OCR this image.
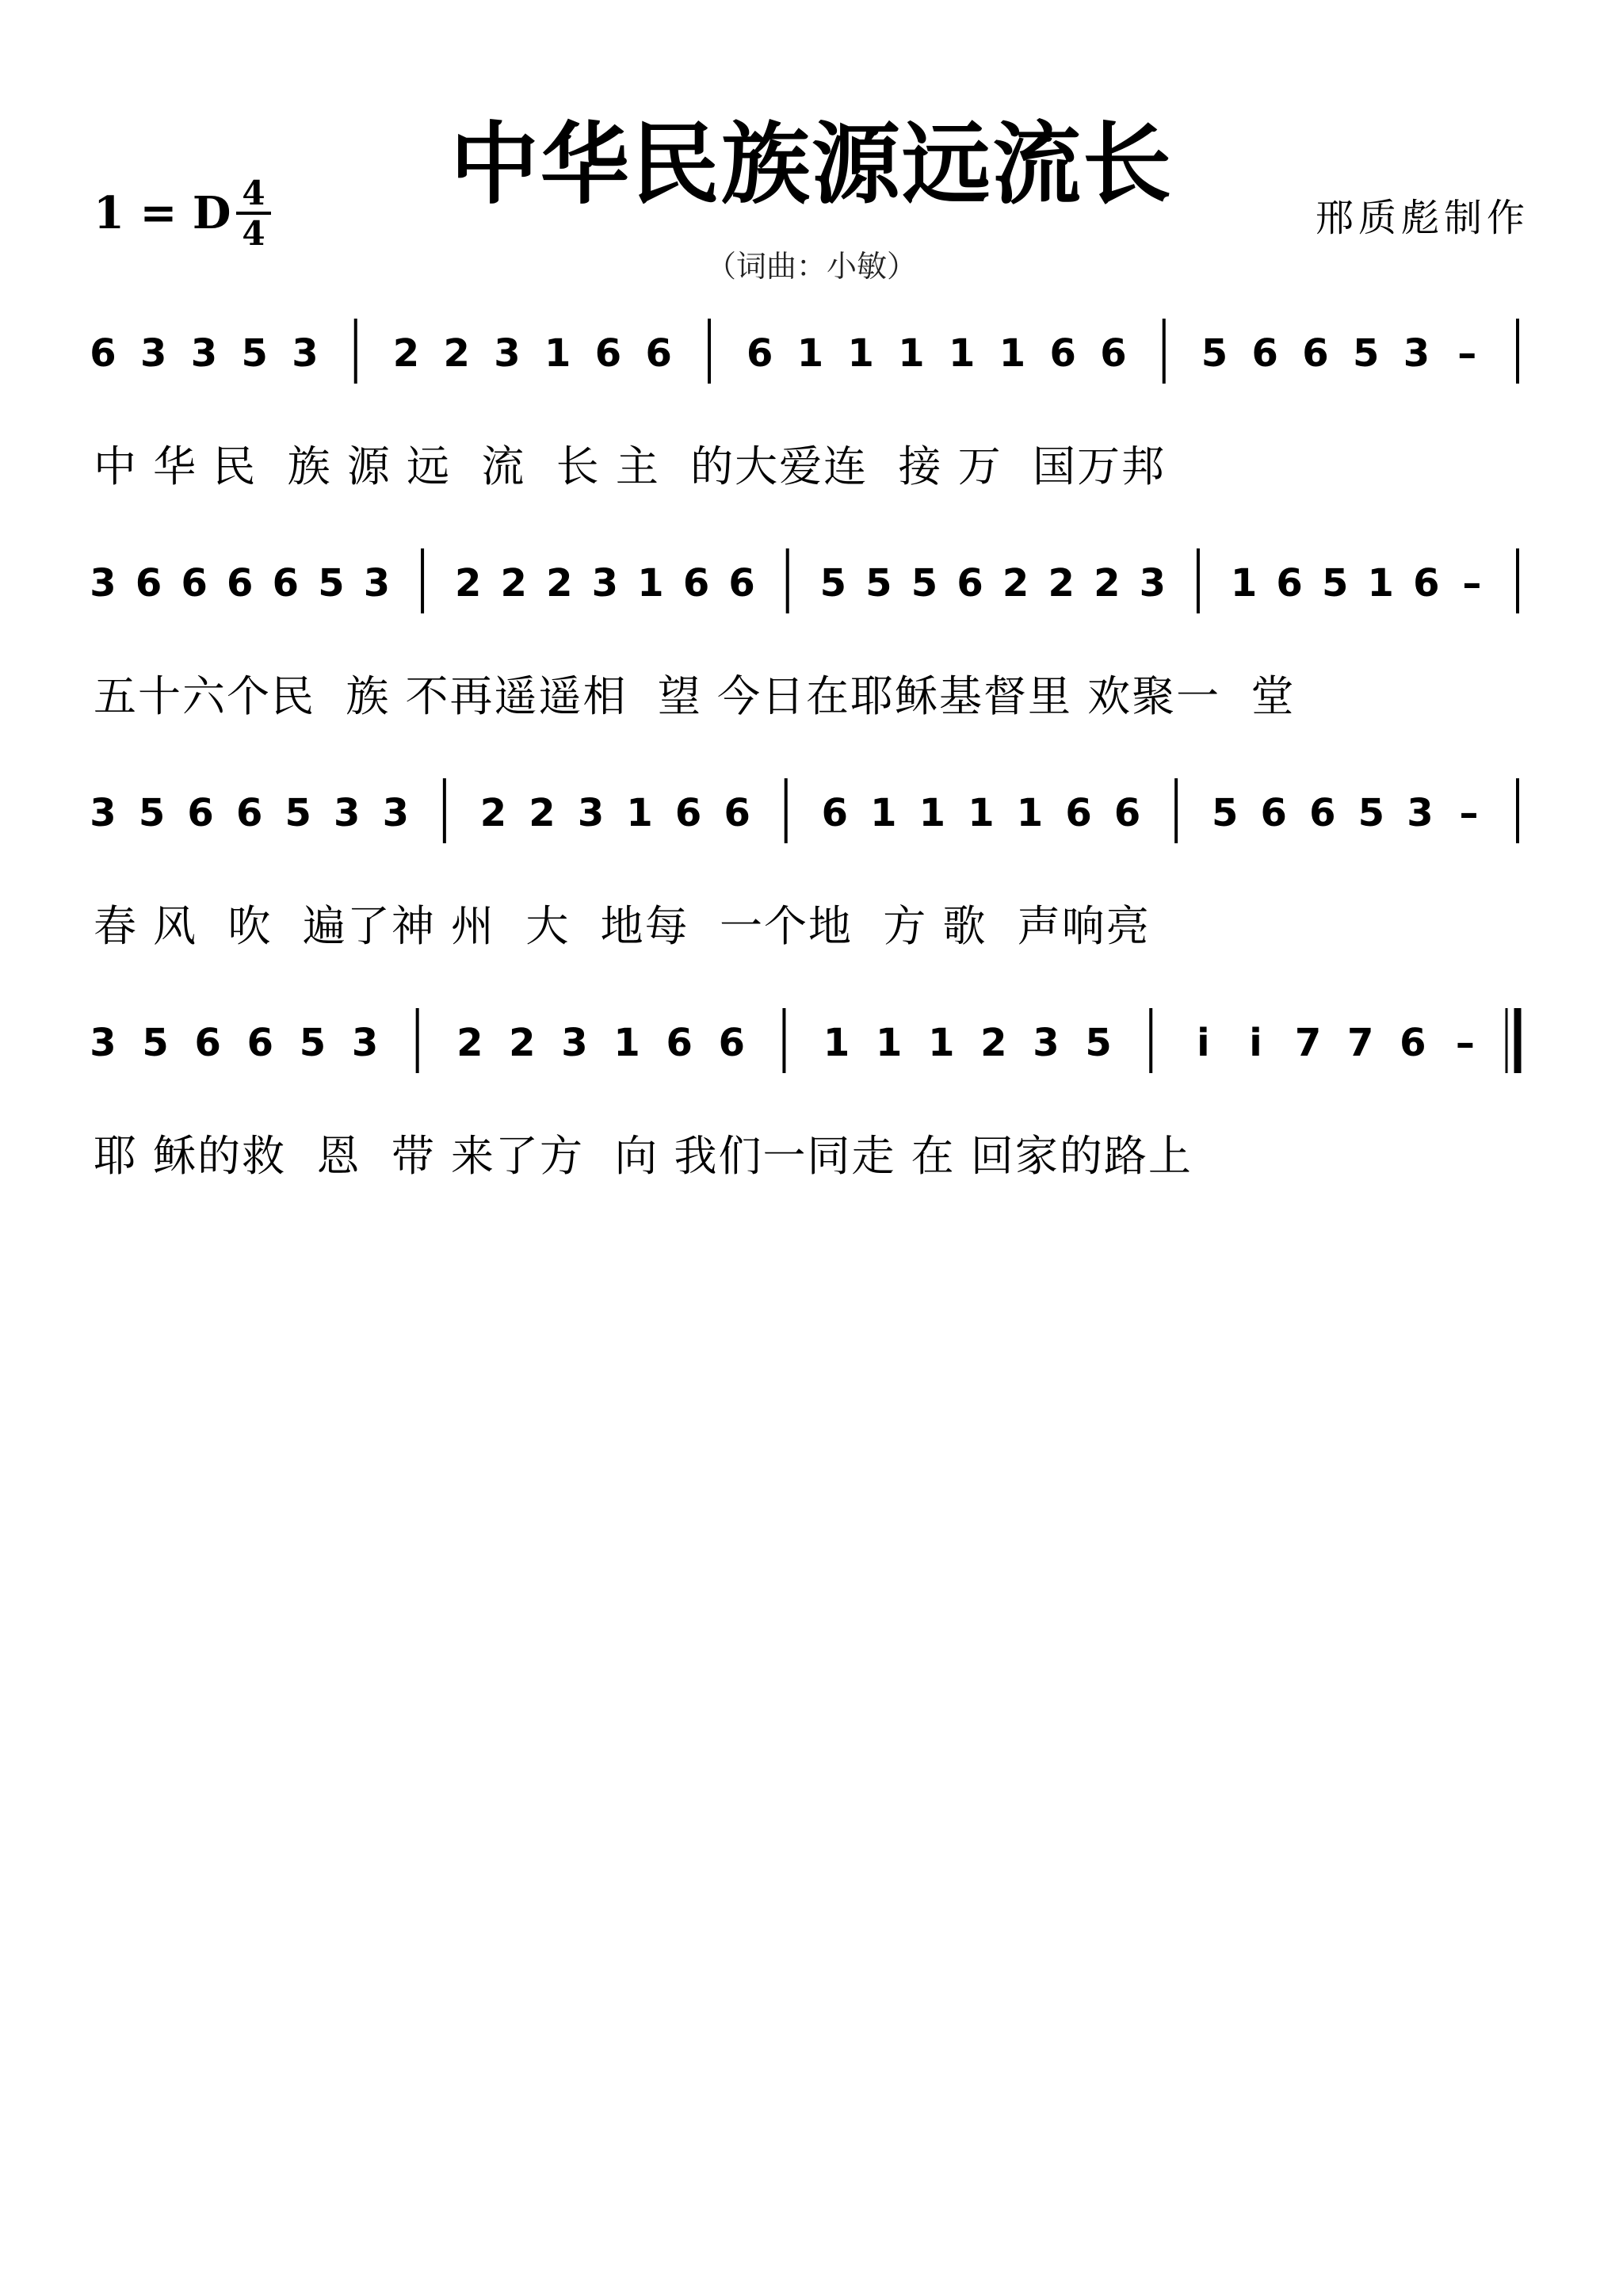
中华民族源远流长
1 = D 4
4	邢质彪制作
（词曲：小敏）
6 3 3 5 3 2 2 3 1 6 6 6 1 1 1 1 1 6 6 5 6 6 5 3 –
3 6 6 6 6 5 3 2 2 2 3 1 6 6 5 5 5 6 2 2 2 3 1 6 5 1 6 –
3 5 6 6 5 3 3 2 2 3 1 6 6 6 1 1 1 1 6 6 5 6 6 5 3 –
3 5 6 6 5 3 2 2 3 1 6 6 1 1 1 2 3 5 i i 7 7 6 –
中 华 民  族 源 远  流  长 主  的大爱连  接 万  国万邦
五十六个民  族 不再遥遥相  望 今日在耶稣基督里 欢聚一  堂
春 风  吹  遍了神 州  大  地每  一个地  方 歌  声响亮
耶 稣的救  恩  带 来了方  向 我们一同走 在 回家的路上
